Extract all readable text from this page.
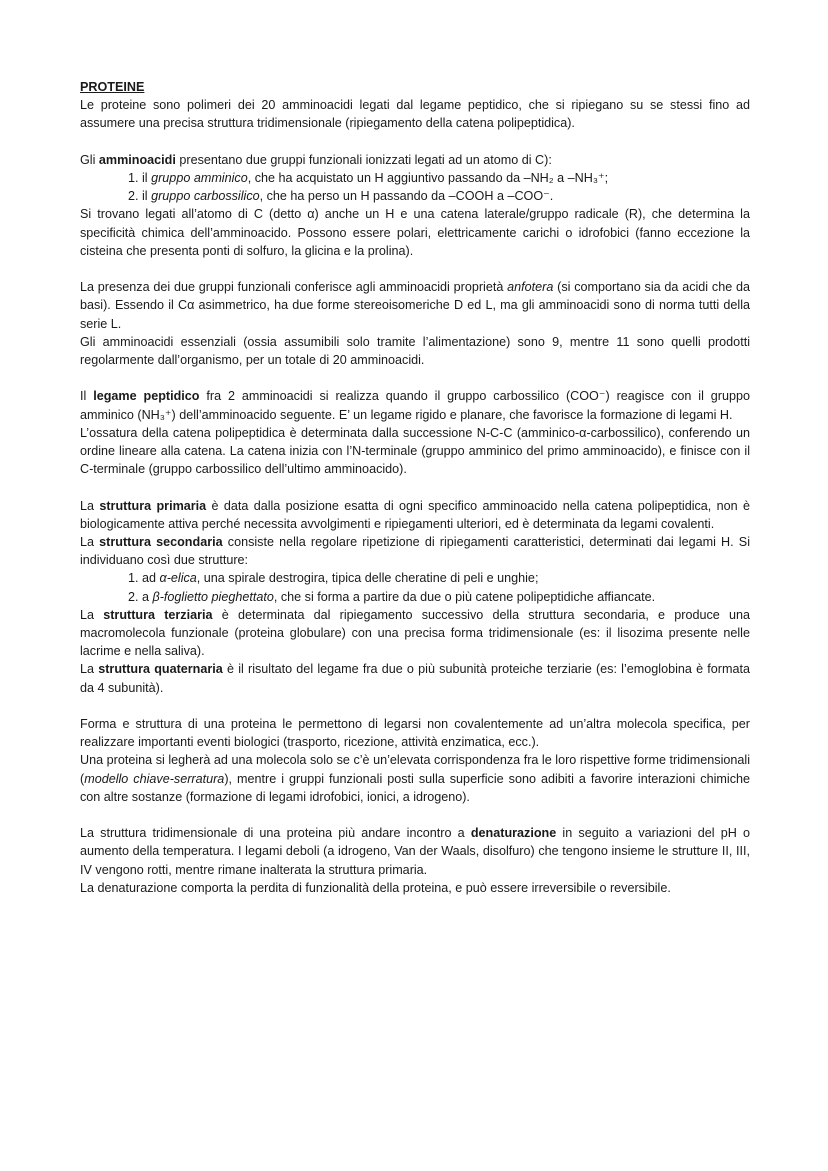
PROTEINE

Le proteine sono polimeri dei 20 amminoacidi legati dal legame peptidico, che si ripiegano su se stessi fino ad assumere una precisa struttura tridimensionale (ripiegamento della catena polipeptidica).

Gli amminoacidi presentano due gruppi funzionali ionizzati legati ad un atomo di C):

1. il gruppo amminico, che ha acquistato un H aggiuntivo passando da –NH₂ a –NH₃⁺;

2. il gruppo carbossilico, che ha perso un H passando da –COOH a –COO⁻.

Si trovano legati all’atomo di C (detto α) anche un H e una catena laterale/gruppo radicale (R), che determina la specificità chimica dell’amminoacido. Possono essere polari, elettricamente carichi o idrofobici (fanno eccezione la cisteina che presenta ponti di solfuro, la glicina e la prolina).

La presenza dei due gruppi funzionali conferisce agli amminoacidi proprietà anfotera (si comportano sia da acidi che da basi). Essendo il Cα asimmetrico, ha due forme stereoisomeriche D ed L, ma gli amminoacidi sono di norma tutti della serie L.

Gli amminoacidi essenziali (ossia assumibili solo tramite l’alimentazione) sono 9, mentre 11 sono quelli prodotti regolarmente dall’organismo, per un totale di 20 amminoacidi.

Il legame peptidico fra 2 amminoacidi si realizza quando il gruppo carbossilico (COO⁻) reagisce con il gruppo amminico (NH₃⁺) dell’amminoacido seguente. E’ un legame rigido e planare, che favorisce la formazione di legami H.

L’ossatura della catena polipeptidica è determinata dalla successione N-C-C (amminico-α-carbossilico), conferendo un ordine lineare alla catena. La catena inizia con l’N-terminale (gruppo amminico del primo amminoacido), e finisce con il C-terminale (gruppo carbossilico dell’ultimo amminoacido).

La struttura primaria è data dalla posizione esatta di ogni specifico amminoacido nella catena polipeptidica, non è biologicamente attiva perché necessita avvolgimenti e ripiegamenti ulteriori, ed è determinata da legami covalenti.

La struttura secondaria consiste nella regolare ripetizione di ripiegamenti caratteristici, determinati dai legami H. Si individuano così due strutture:

1. ad α-elica, una spirale destrogira, tipica delle cheratine di peli e unghie;

2. a β-foglietto pieghettato, che si forma a partire da due o più catene polipeptidiche affiancate.

La struttura terziaria è determinata dal ripiegamento successivo della struttura secondaria, e produce una macromolecola funzionale (proteina globulare) con una precisa forma tridimensionale (es: il lisozima presente nelle lacrime e nella saliva).

La struttura quaternaria è il risultato del legame fra due o più subunità proteiche terziarie (es: l’emoglobina è formata da 4 subunità).

Forma e struttura di una proteina le permettono di legarsi non covalentemente ad un’altra molecola specifica, per realizzare importanti eventi biologici (trasporto, ricezione, attività enzimatica, ecc.).

Una proteina si legherà ad una molecola solo se c’è un’elevata corrispondenza fra le loro rispettive forme tridimensionali (modello chiave-serratura), mentre i gruppi funzionali posti sulla superficie sono adibiti a favorire interazioni chimiche con altre sostanze (formazione di legami idrofobici, ionici, a idrogeno).

La struttura tridimensionale di una proteina più andare incontro a denaturazione in seguito a variazioni del pH o aumento della temperatura. I legami deboli (a idrogeno, Van der Waals, disolfuro) che tengono insieme le strutture II, III, IV vengono rotti, mentre rimane inalterata la struttura primaria.

La denaturazione comporta la perdita di funzionalità della proteina, e può essere irreversibile o reversibile.
